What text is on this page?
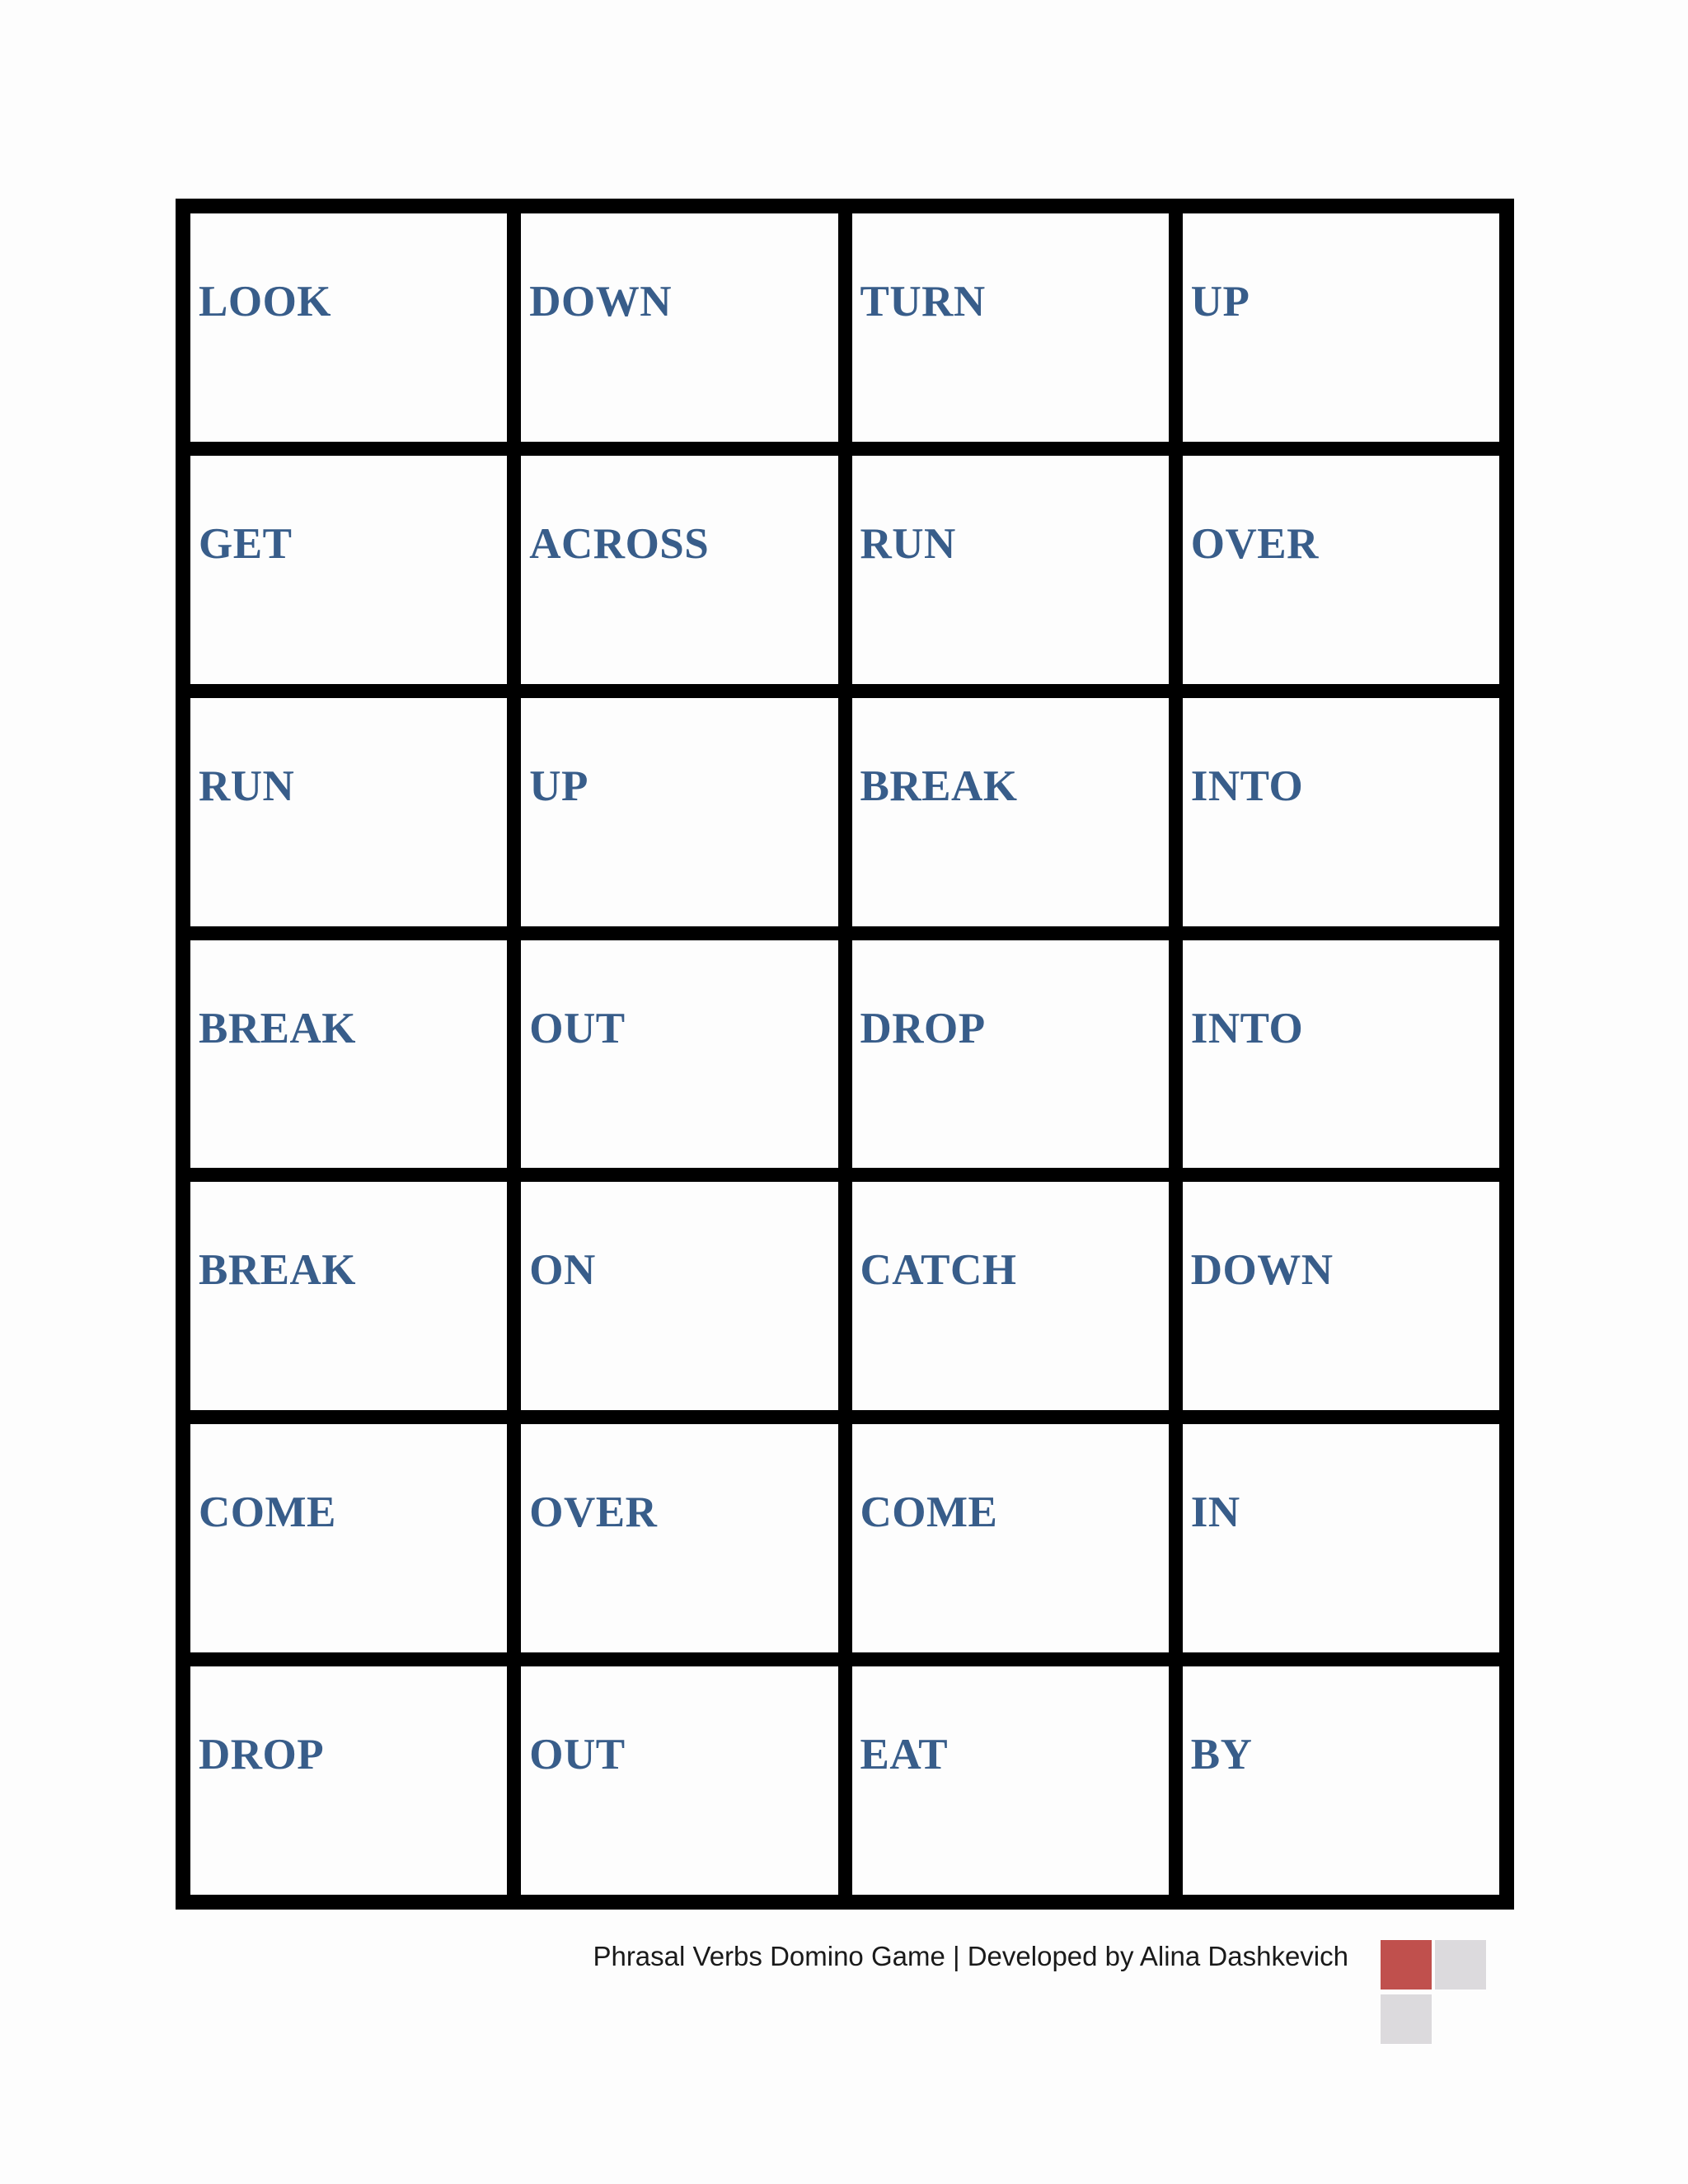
LOOK	DOWN	TURN	UP
GET	ACROSS	RUN	OVER
RUN	UP	BREAK	INTO
BREAK	OUT	DROP	INTO
BREAK	ON	CATCH	DOWN
COME	OVER	COME	IN
DROP	OUT	EAT	BY
Phrasal Verbs Domino Game | Developed by Alina Dashkevich
